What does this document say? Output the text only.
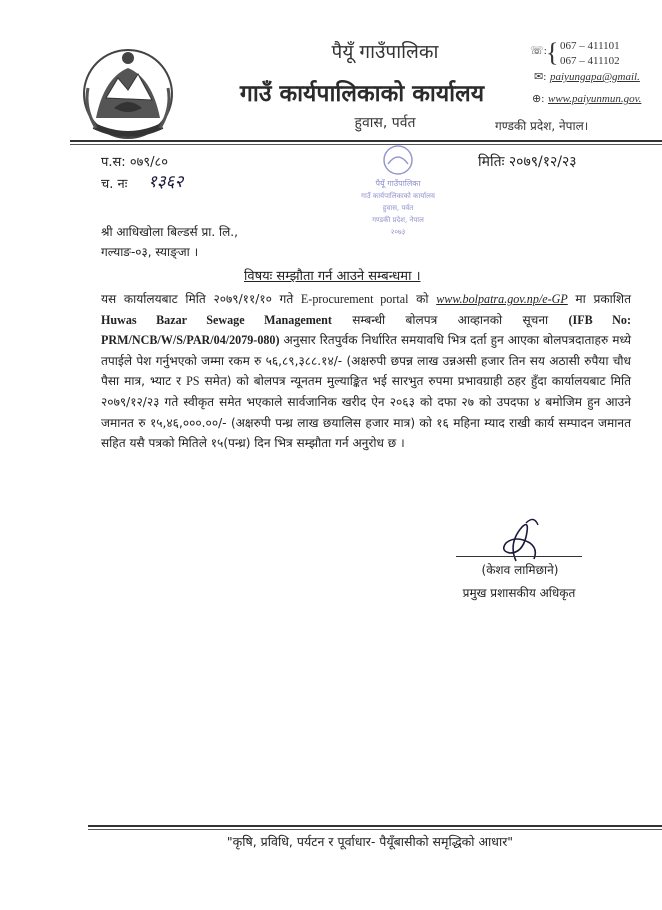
पैयूँ गाउँपालिका
गाउँ कार्यपालिकाको कार्यालय
हुवास, पर्वत
☏: { 067 – 411101
067 – 411102
✉: paiyungapa@gmail.
⊕: www.paiyunmun.gov.
गण्डकी प्रदेश, नेपाल।
प.स: ०७९/८०
च. नः १३६२
मितिः २०७९/१२/२३
पैयूँ गाउँपालिका
गाउँ कार्यपालिकाको कार्यालय
हुवास, पर्वत
गण्डकी प्रदेश, नेपाल
२०७३
श्री आधिखोला बिल्डर्स प्रा. लि.,
गल्याङ-०३, स्याङ्जा ।
विषयः सम्झौता गर्न आउने सम्बन्धमा ।
यस कार्यालयबाट मिति २०७९/११/१० गते E-procurement portal को www.bolpatra.gov.np/e-GP मा प्रकाशित Huwas Bazar Sewage Management सम्बन्धी बोलपत्र आव्हानको सूचना (IFB No: PRM/NCB/W/S/PAR/04/2079-080) अनुसार रितपुर्वक निर्धारित समयावधि भित्र दर्ता हुन आएका बोलपत्रदाताहरु मध्ये तपाईले पेश गर्नुभएको जम्मा रकम रु ५६,८९,३८८.१४/- (अक्षरुपी छपन्न लाख उन्नअसी हजार तिन सय अठासी रुपैया चौध पैसा मात्र, भ्याट र PS समेत) को बोलपत्र न्यूनतम मुल्याङ्कित भई सारभुत रुपमा प्रभावग्राही ठहर हुँदा कार्यालयबाट मिति २०७९/१२/२३ गते स्वीकृत समेत भएकाले सार्वजानिक खरीद ऐन २०६३ को दफा २७ को उपदफा ४ बमोजिम हुन आउने जमानत रु १५,४६,०००.००/- (अक्षरुपी पन्ध्र लाख छयालिस हजार मात्र) को १६ महिना म्याद राखी कार्य सम्पादन जमानत सहित यसै पत्रको मितिले १५(पन्ध्र) दिन भित्र सम्झौता गर्न अनुरोध छ ।
(केशव लामिछाने)
प्रमुख प्रशासकीय अधिकृत
"कृषि, प्रविधि, पर्यटन र पूर्वाधार- पैयूँबासीको समृद्धिको आधार"
